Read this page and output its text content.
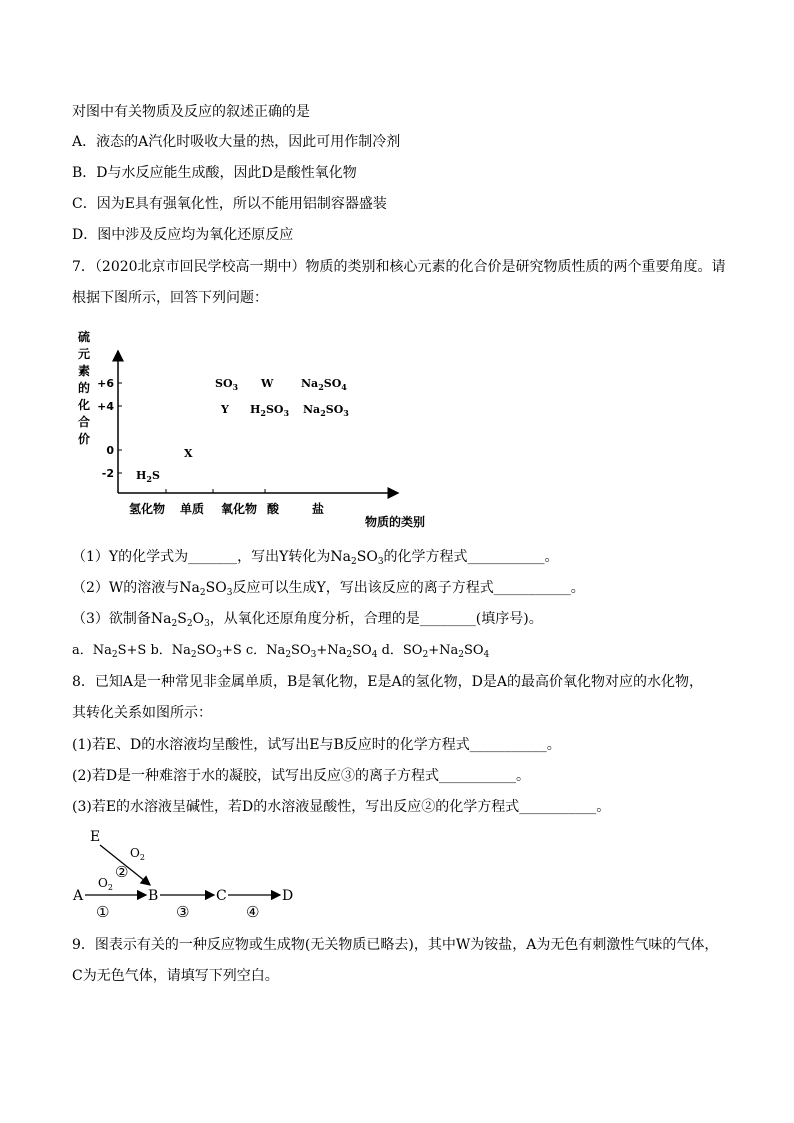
对图中有关物质及反应的叙述正确的是
A．液态的A汽化时吸收大量的热，因此可用作制冷剂
B．D与水反应能生成酸，因此D是酸性氧化物
C．因为E具有强氧化性，所以不能用铝制容器盛装
D．图中涉及反应均为氧化还原反应
7．（2020北京市回民学校高一期中）物质的类别和核心元素的化合价是研究物质性质的两个重要角度。请
根据下图所示，回答下列问题：
硫
元
素
的
化
合
价
+6
+4
0
-2
氢化物 单质 氧化物 酸	盐
物质的类别
$H_2S$
X
$SO_3$
Y
W
$H_2SO_3$
$Na_2SO_4$
$Na_2SO_3$
（1）Y的化学式为_______，写出Y转化为$Na_2SO_3$的化学方程式___________。
（2）W的溶液与$Na_2SO_3$反应可以生成Y，写出该反应的离子方程式___________。
（3）欲制备$Na_2S_2O_3$，从氧化还原角度分析，合理的是________(填序号)。
a．$Na_2S+S$ b．$Na_2SO_3+S$ c．$Na_2SO_3+Na_2SO_4$ d．$SO_2+Na_2SO_4$
8．已知A是一种常见非金属单质，B是氧化物，E是A的氢化物，D是A的最高价氧化物对应的水化物，
其转化关系如图所示：
(1)若E、D的水溶液均呈酸性，试写出E与B反应时的化学方程式___________。
(2)若D是一种难溶于水的凝胶，试写出反应③的离子方程式___________。
(3)若E的水溶液呈碱性，若D的水溶液显酸性，写出反应②的化学方程式___________。
E
A	B	C	D
$O_2$
$O_2$
②
①	③	④
9．图表示有关的一种反应物或生成物(无关物质已略去)，其中W为铵盐，A为无色有刺激性气味的气体，
C为无色气体，请填写下列空白。
